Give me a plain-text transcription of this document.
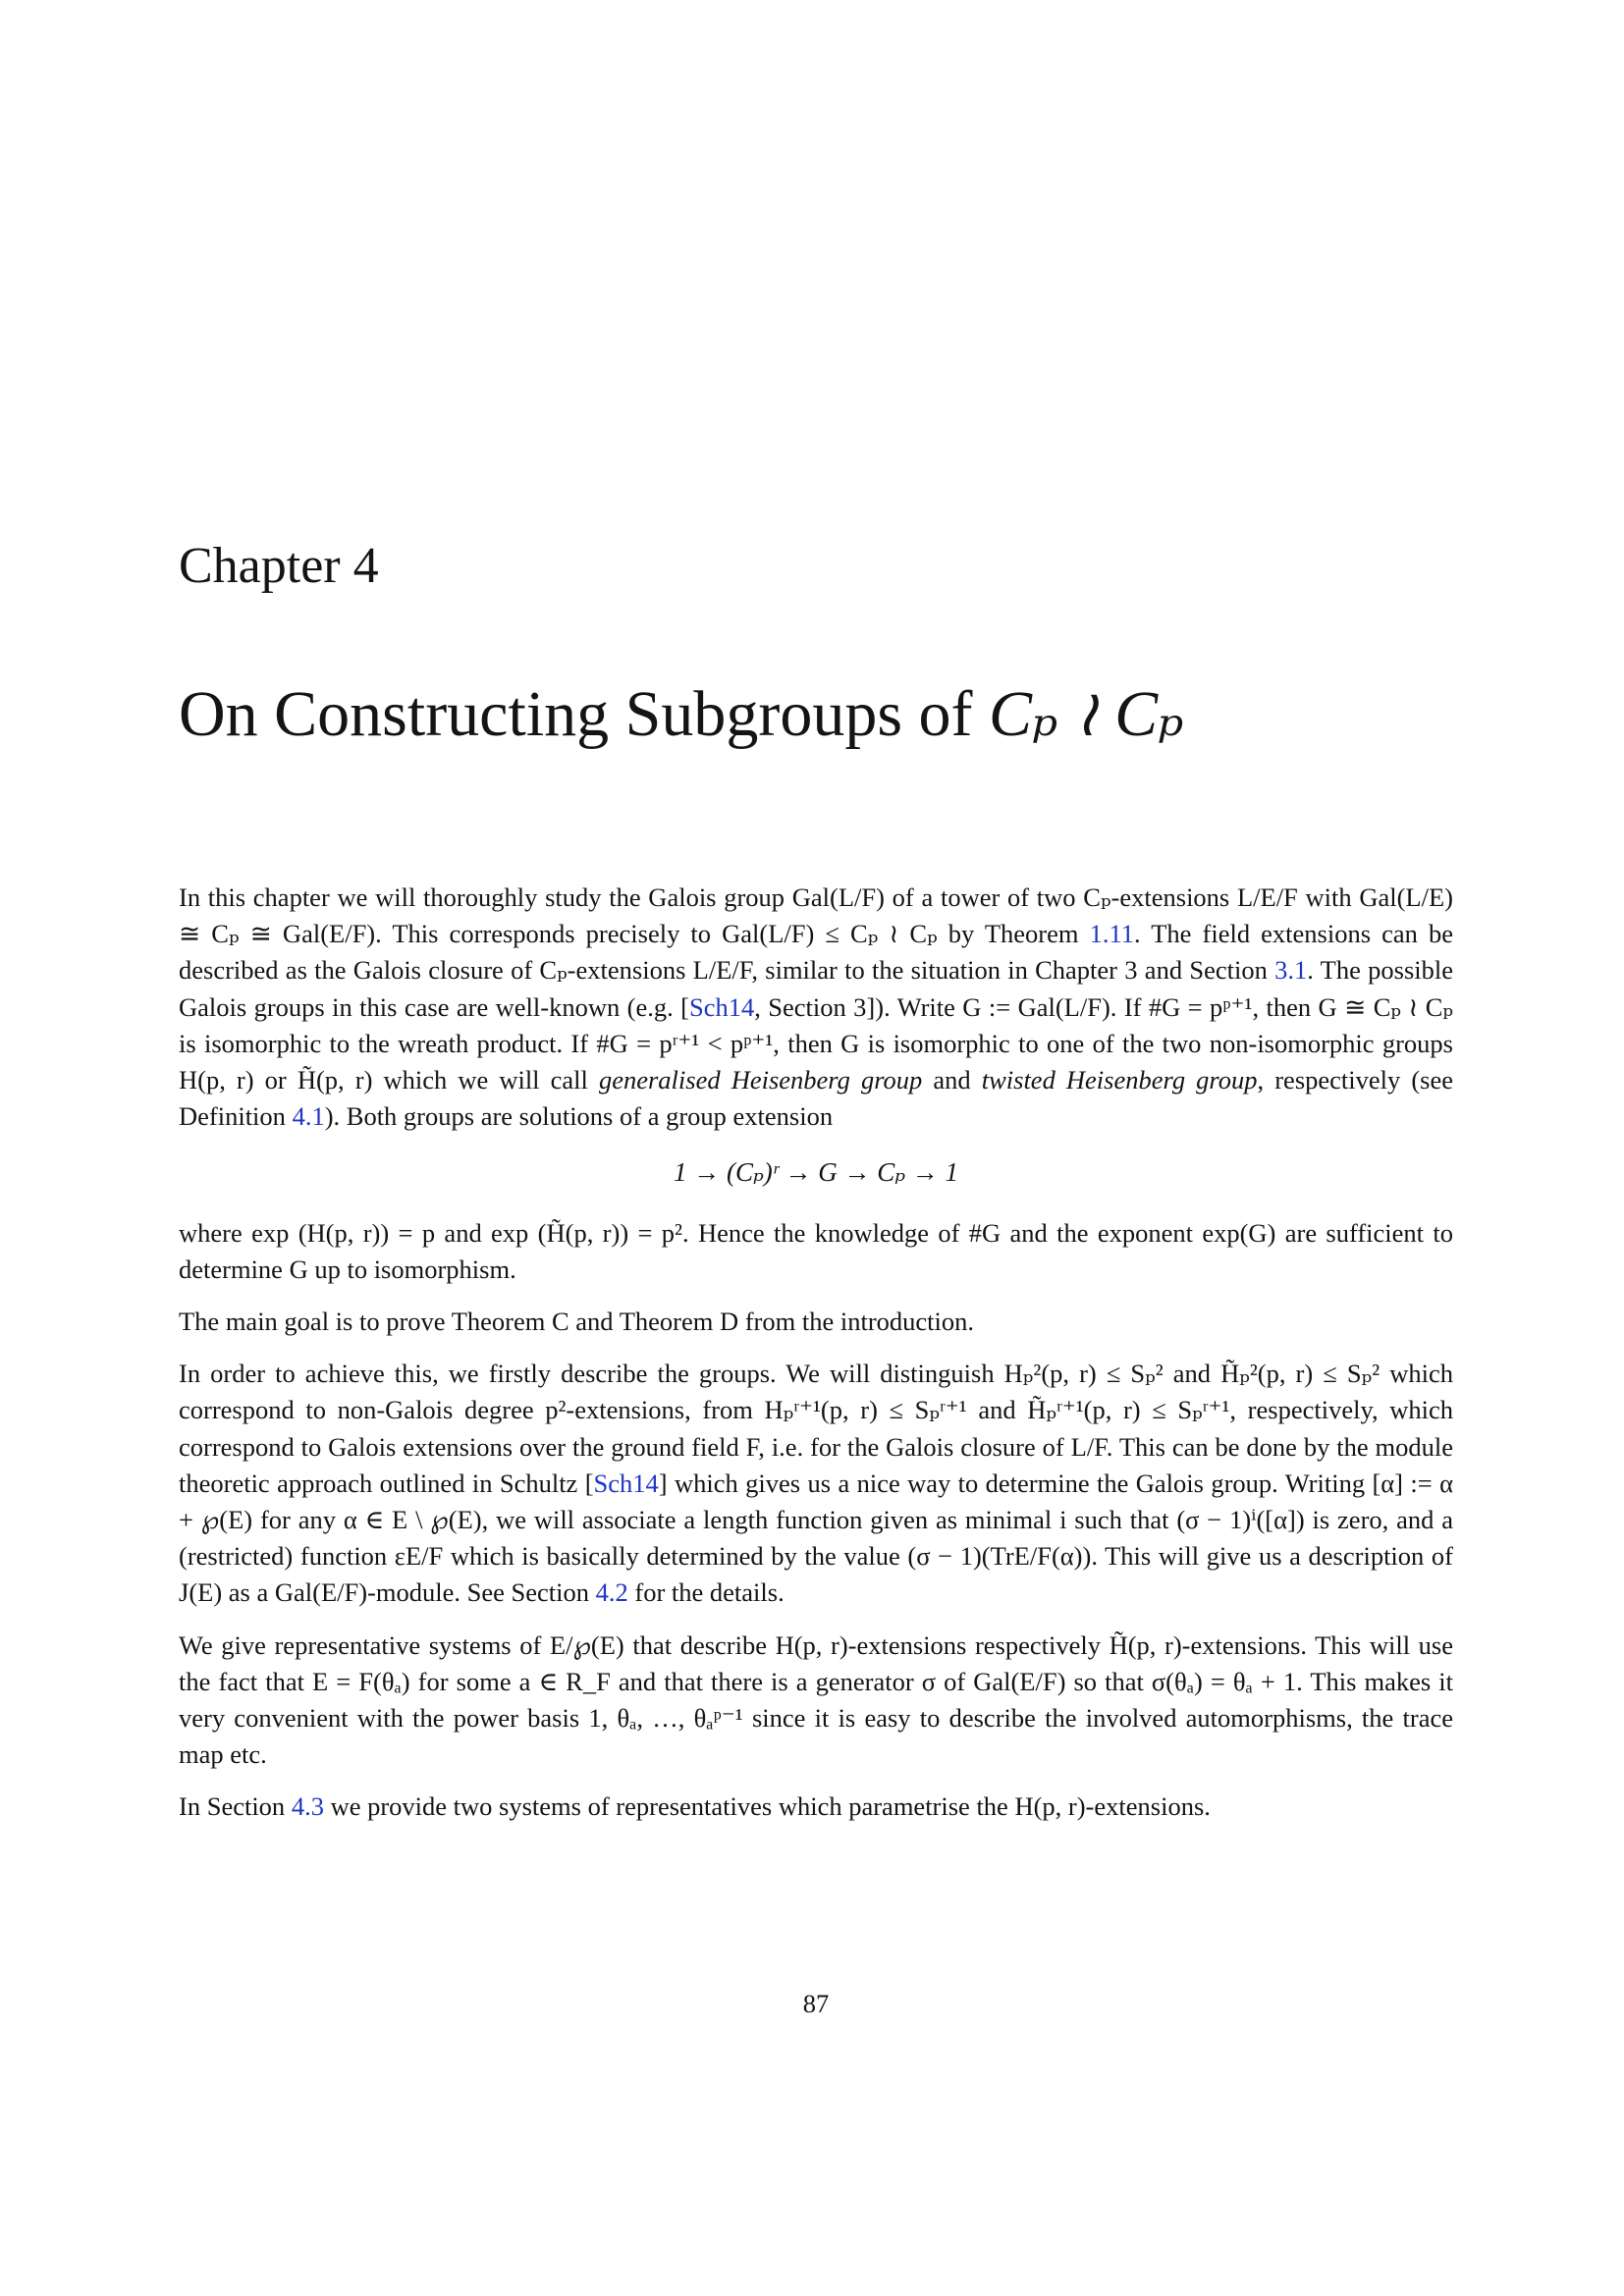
Chapter 4
On Constructing Subgroups of Cₚ ≀ Cₚ

In this chapter we will thoroughly study the Galois group Gal(L/F) of a tower of two Cₚ-extensions L/E/F with Gal(L/E) ≅ Cₚ ≅ Gal(E/F). This corresponds precisely to Gal(L/F) ≤ Cₚ ≀ Cₚ by Theorem 1.11. The field extensions can be described as the Galois closure of Cₚ-extensions L/E/F, similar to the situation in Chapter 3 and Section 3.1. The possible Galois groups in this case are well-known (e.g. [Sch14, Section 3]). Write G := Gal(L/F). If #G = pᵖ⁺¹, then G ≅ Cₚ ≀ Cₚ is isomorphic to the wreath product. If #G = pʳ⁺¹ < pᵖ⁺¹, then G is isomorphic to one of the two non-isomorphic groups H(p, r) or H̃(p, r) which we will call generalised Heisenberg group and twisted Heisenberg group, respectively (see Definition 4.1). Both groups are solutions of a group extension

1 → (Cₚ)ʳ → G → Cₚ → 1

where exp (H(p, r)) = p and exp (H̃(p, r)) = p². Hence the knowledge of #G and the exponent exp(G) are sufficient to determine G up to isomorphism.

The main goal is to prove Theorem C and Theorem D from the introduction.

In order to achieve this, we firstly describe the groups. We will distinguish Hₚ²(p, r) ≤ Sₚ² and H̃ₚ²(p, r) ≤ Sₚ² which correspond to non-Galois degree p²-extensions, from Hₚʳ⁺¹(p, r) ≤ Sₚʳ⁺¹ and H̃ₚʳ⁺¹(p, r) ≤ Sₚʳ⁺¹, respectively, which correspond to Galois extensions over the ground field F, i.e. for the Galois closure of L/F. This can be done by the module theoretic approach outlined in Schultz [Sch14] which gives us a nice way to determine the Galois group. Writing [α] := α + ℘(E) for any α ∈ E \ ℘(E), we will associate a length function given as minimal i such that (σ − 1)ⁱ([α]) is zero, and a (restricted) function εE/F which is basically determined by the value (σ − 1)(TrE/F(α)). This will give us a description of J(E) as a Gal(E/F)-module. See Section 4.2 for the details.

We give representative systems of E/℘(E) that describe H(p, r)-extensions respectively H̃(p, r)-extensions. This will use the fact that E = F(θₐ) for some a ∈ R_F and that there is a generator σ of Gal(E/F) so that σ(θₐ) = θₐ + 1. This makes it very convenient with the power basis 1, θₐ, …, θₐᵖ⁻¹ since it is easy to describe the involved automorphisms, the trace map etc.

In Section 4.3 we provide two systems of representatives which parametrise the H(p, r)-extensions.

87
